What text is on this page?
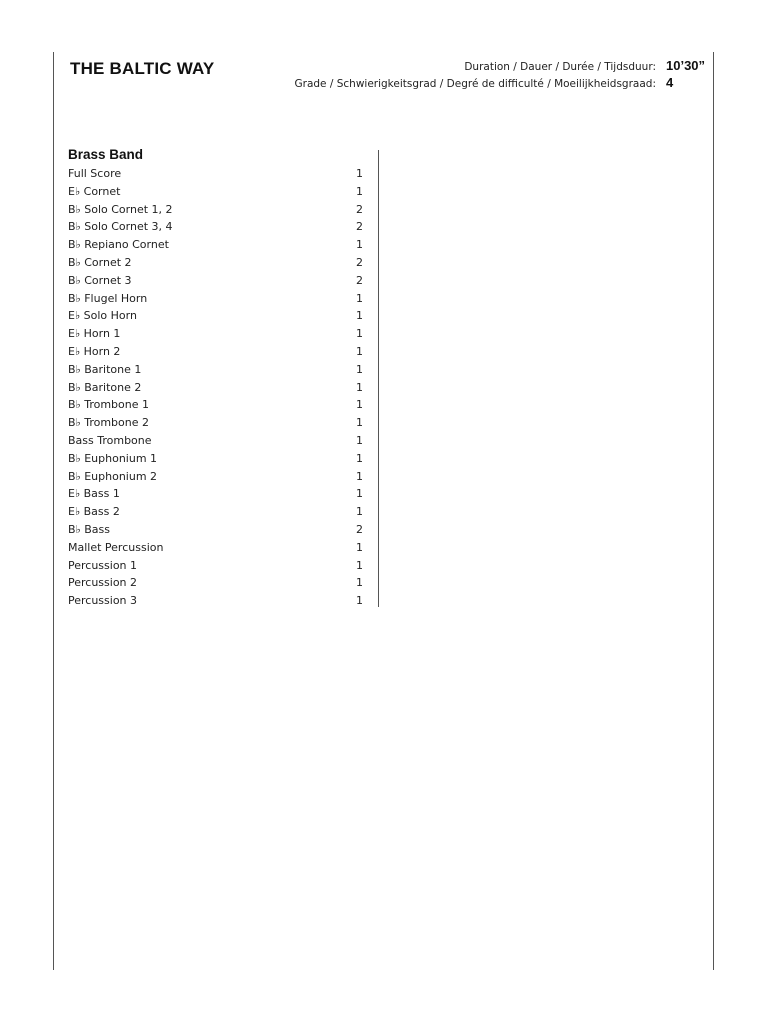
THE BALTIC WAY	Duration / Dauer / Durée / Tijdsduur: 10’30”
Grade / Schwierigkeitsgrad / Degré de difficulté / Moeilijkheidsgraad: 4
Brass Band
Full Score	1
E♭ Cornet	1
B♭ Solo Cornet 1, 2	2
B♭ Solo Cornet 3, 4	2
B♭ Repiano Cornet	1
B♭ Cornet 2	2
B♭ Cornet 3	2
B♭ Flugel Horn	1
E♭ Solo Horn	1
E♭ Horn 1	1
E♭ Horn 2	1
B♭ Baritone 1	1
B♭ Baritone 2	1
B♭ Trombone 1	1
B♭ Trombone 2	1
Bass Trombone	1
B♭ Euphonium 1	1
B♭ Euphonium 2	1
E♭ Bass 1	1
E♭ Bass 2	1
B♭ Bass	2
Mallet Percussion	1
Percussion 1	1
Percussion 2	1
Percussion 3	1
